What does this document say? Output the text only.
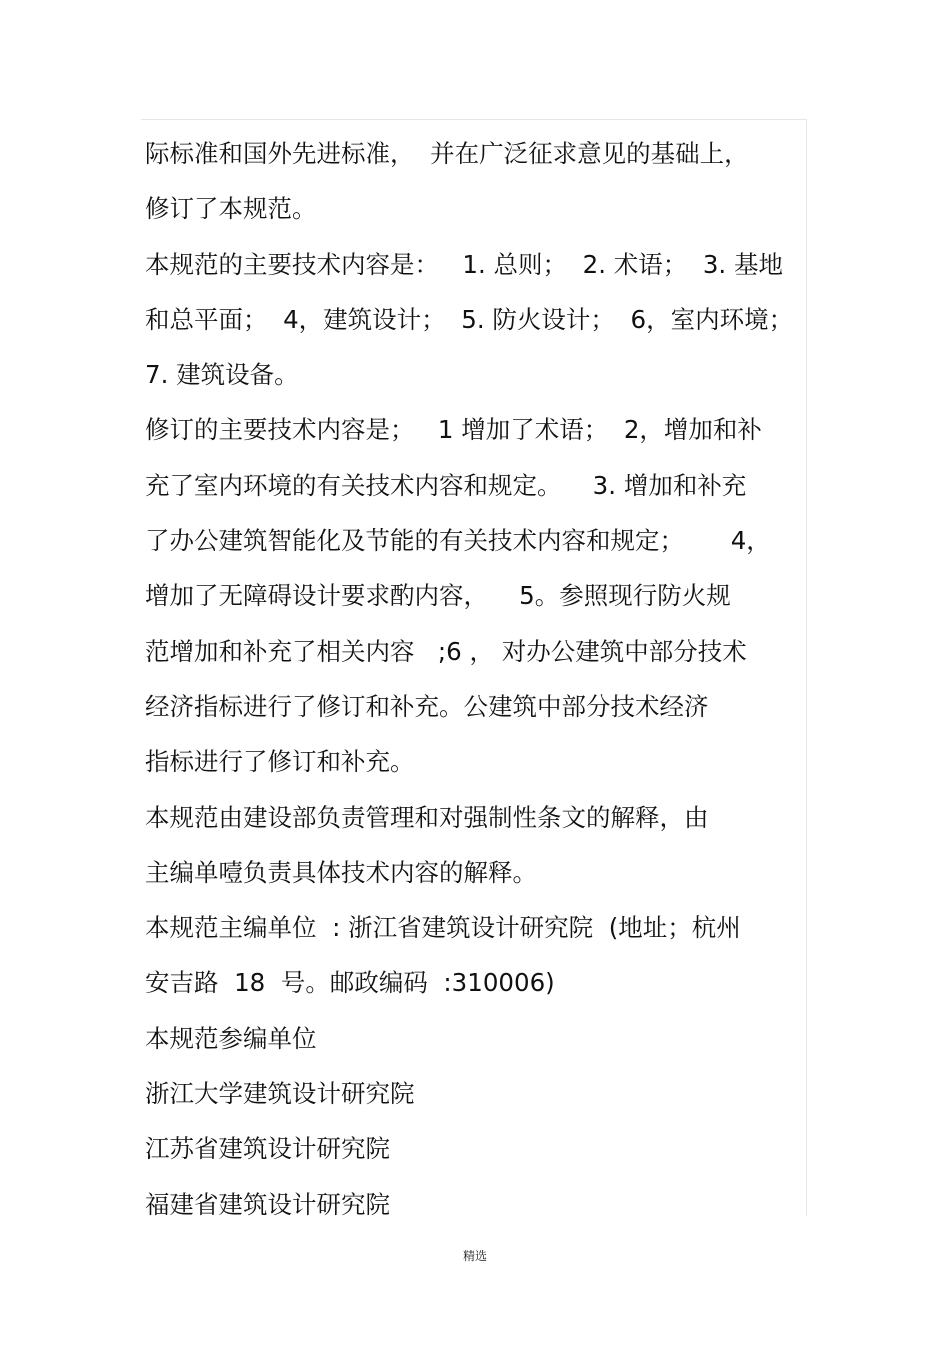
际标准和国外先进标准，  并在广泛征求意见的基础上，
修订了本规范。
本规范的主要技术内容是：   1. 总则；  2. 术语；  3. 基地
和总平面；  4，建筑设计；  5. 防火设计；  6，室内环境；
7. 建筑设备。
修订的主要技术内容是；   1 增加了术语；  2，增加和补
充了室内环境的有关技术内容和规定。    3. 增加和补充
了办公建筑智能化及节能的有关技术内容和规定；      4，
增加了无障碍设计要求酌内容，    5。参照现行防火规
范增加和补充了相关内容   ;6 ， 对办公建筑中部分技术
经济指标进行了修订和补充。公建筑中部分技术经济
指标进行了修订和补充。
本规范由建设部负责管理和对强制性条文的解释，由
主编单噎负责具体技术内容的解释。
本规范主编单位  : 浙江省建筑设计研究院  (地址；杭州
安吉路  18  号。邮政编码  :310006)
本规范参编单位
浙江大学建筑设计研究院
江苏省建筑设计研究院
福建省建筑设计研究院
精选
